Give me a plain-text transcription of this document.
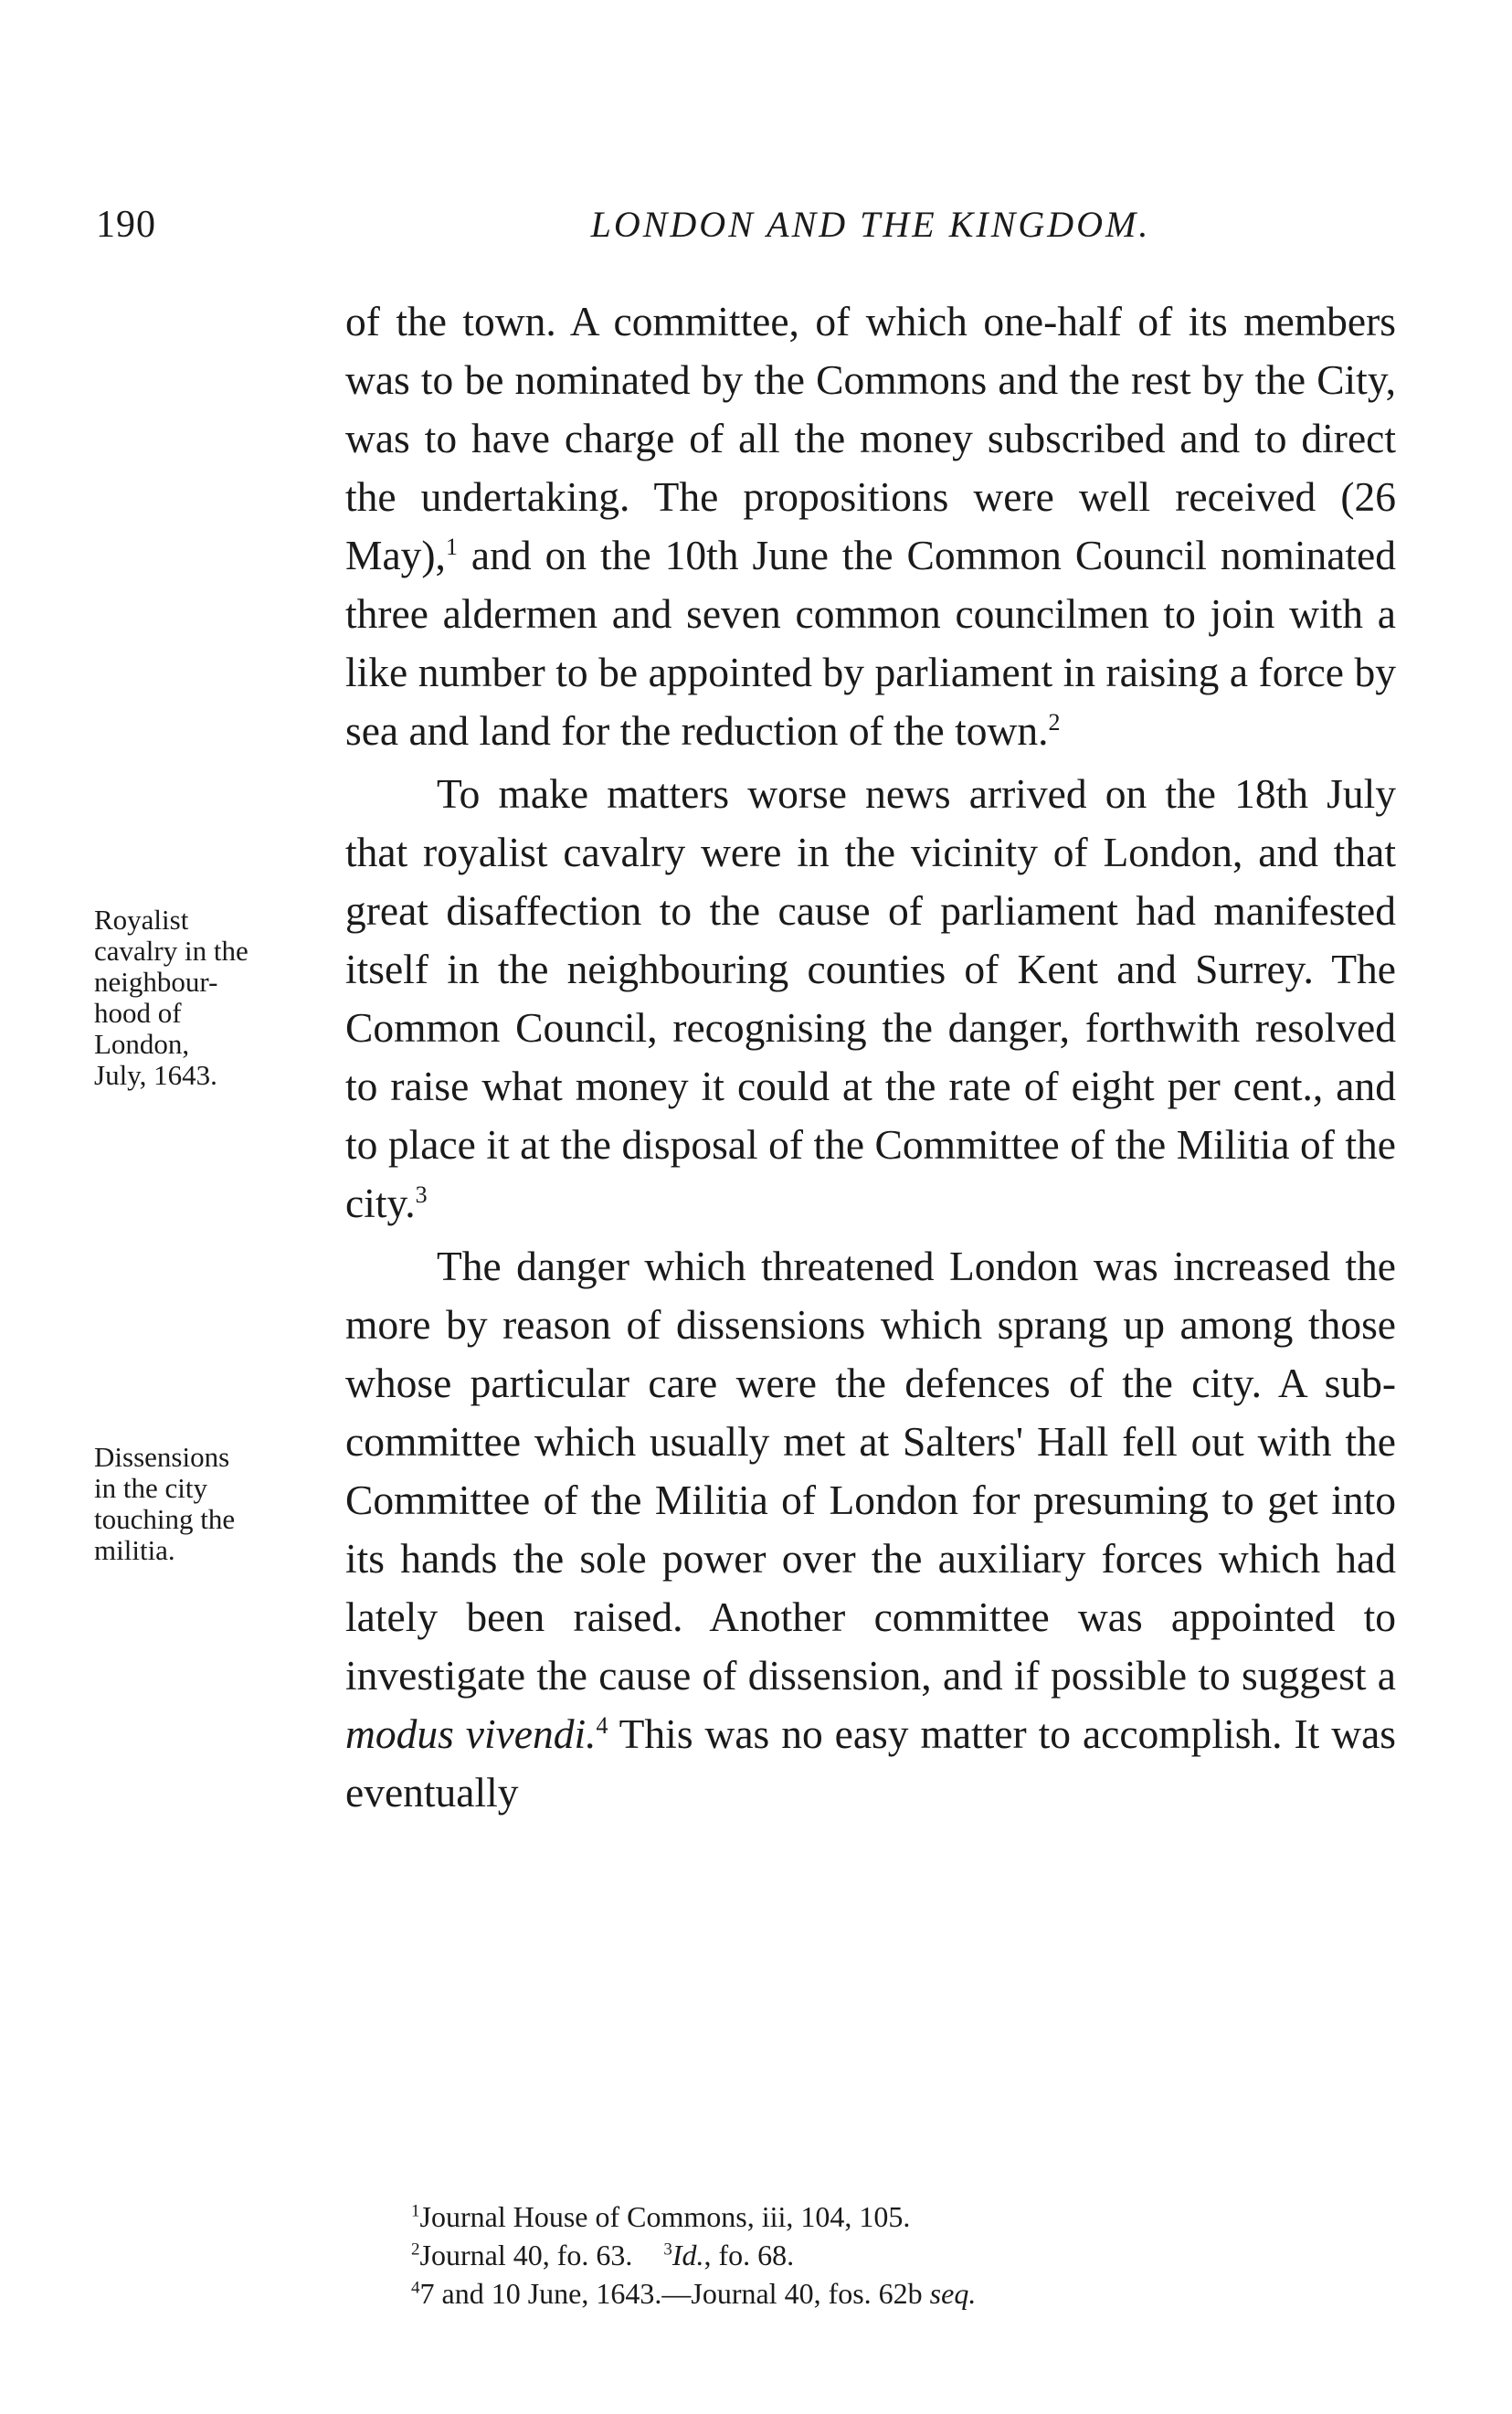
190	LONDON AND THE KINGDOM.

of the town. A committee, of which one-half of its members was to be nominated by the Commons and the rest by the City, was to have charge of all the money subscribed and to direct the undertaking. The propositions were well received (26 May),$^1$ and on the 10th June the Common Council nominated three aldermen and seven common councilmen to join with a like number to be appointed by parliament in raising a force by sea and land for the reduction of the town.$^2$

To make matters worse news arrived on the 18th July that royalist cavalry were in the vicinity of London, and that great disaffection to the cause of parliament had manifested itself in the neighbouring counties of Kent and Surrey. The Common Council, recognising the danger, forthwith resolved to raise what money it could at the rate of eight per cent., and to place it at the disposal of the Committee of the Militia of the city.$^3$

The danger which threatened London was increased the more by reason of dissensions which sprang up among those whose particular care were the defences of the city. A sub-committee which usually met at Salters' Hall fell out with the Committee of the Militia of London for presuming to get into its hands the sole power over the auxiliary forces which had lately been raised. Another committee was appointed to investigate the cause of dissension, and if possible to suggest a modus vivendi.$^4$ This was no easy matter to accomplish. It was eventually

Royalist
cavalry in the
neighbour-
hood of
London,
July, 1643.
Dissensions
in the city
touching the
militia.
$^1$Journal House of Commons, iii, 104, 105.
$^2$Journal 40, fo. 63. $^3$Id., fo. 68.
$^4$7 and 10 June, 1643.—Journal 40, fos. 62b seq.
